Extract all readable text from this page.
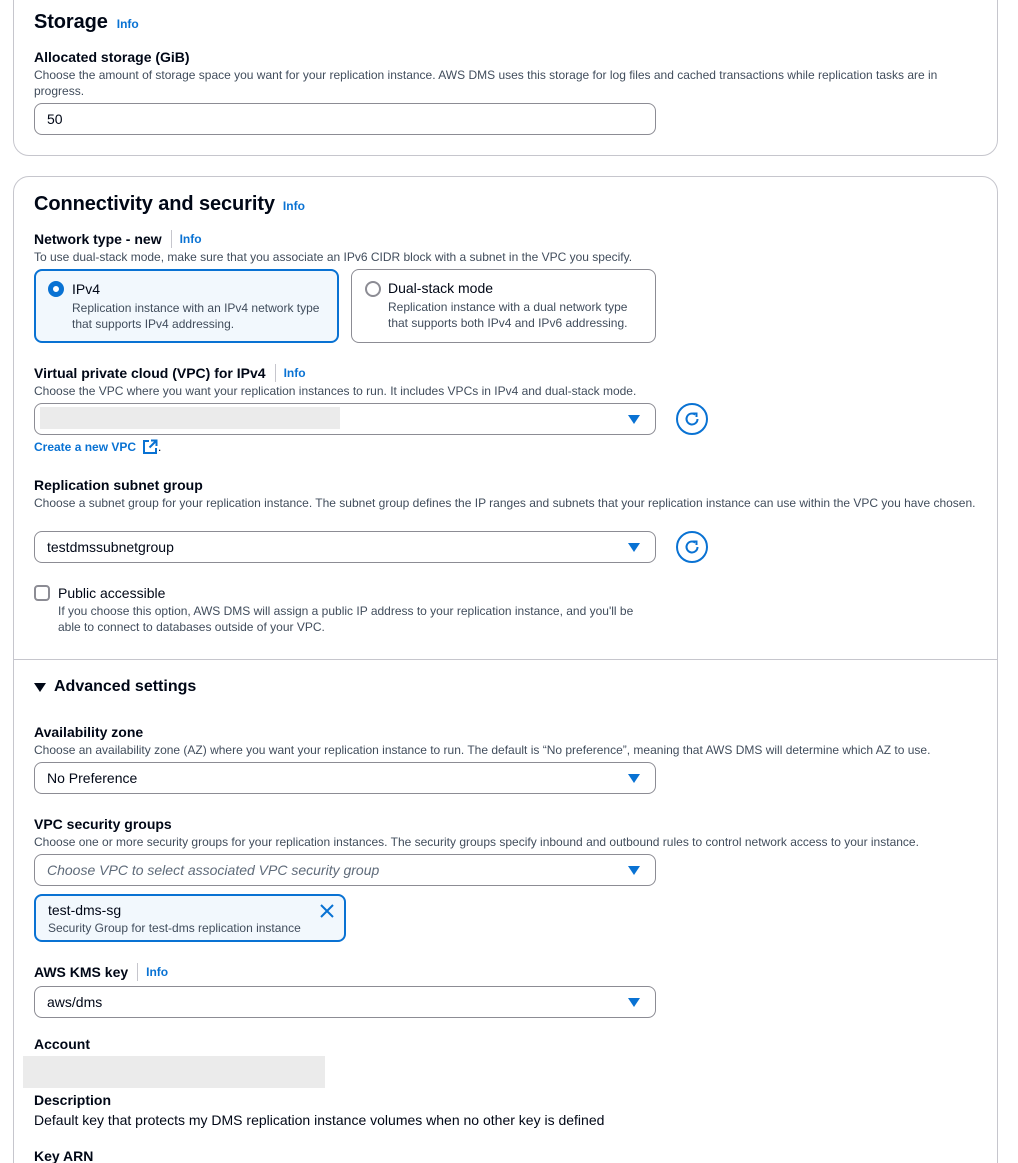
Storage Info
Allocated storage (GiB)
Choose the amount of storage space you want for your replication instance. AWS DMS uses this storage for log files and cached transactions while replication tasks are in progress.
50
Connectivity and security Info
Network type - new Info
To use dual-stack mode, make sure that you associate an IPv6 CIDR block with a subnet in the VPC you specify.
IPv4
Replication instance with an IPv4 network type that supports IPv4 addressing.
Dual-stack mode
Replication instance with a dual network type that supports both IPv4 and IPv6 addressing.
Virtual private cloud (VPC) for IPv4 Info
Choose the VPC where you want your replication instances to run. It includes VPCs in IPv4 and dual-stack mode.
Create a new VPC .
Replication subnet group
Choose a subnet group for your replication instance. The subnet group defines the IP ranges and subnets that your replication instance can use within the VPC you have chosen.
testdmssubnetgroup
Public accessible
If you choose this option, AWS DMS will assign a public IP address to your replication instance, and you'll be able to connect to databases outside of your VPC.
Advanced settings
Availability zone
Choose an availability zone (AZ) where you want your replication instance to run. The default is “No preference”, meaning that AWS DMS will determine which AZ to use.
No Preference
VPC security groups
Choose one or more security groups for your replication instances. The security groups specify inbound and outbound rules to control network access to your instance.
Choose VPC to select associated VPC security group
test-dms-sg
Security Group for test-dms replication instance
AWS KMS key Info
aws/dms
Account
Description
Default key that protects my DMS replication instance volumes when no other key is defined
Key ARN
